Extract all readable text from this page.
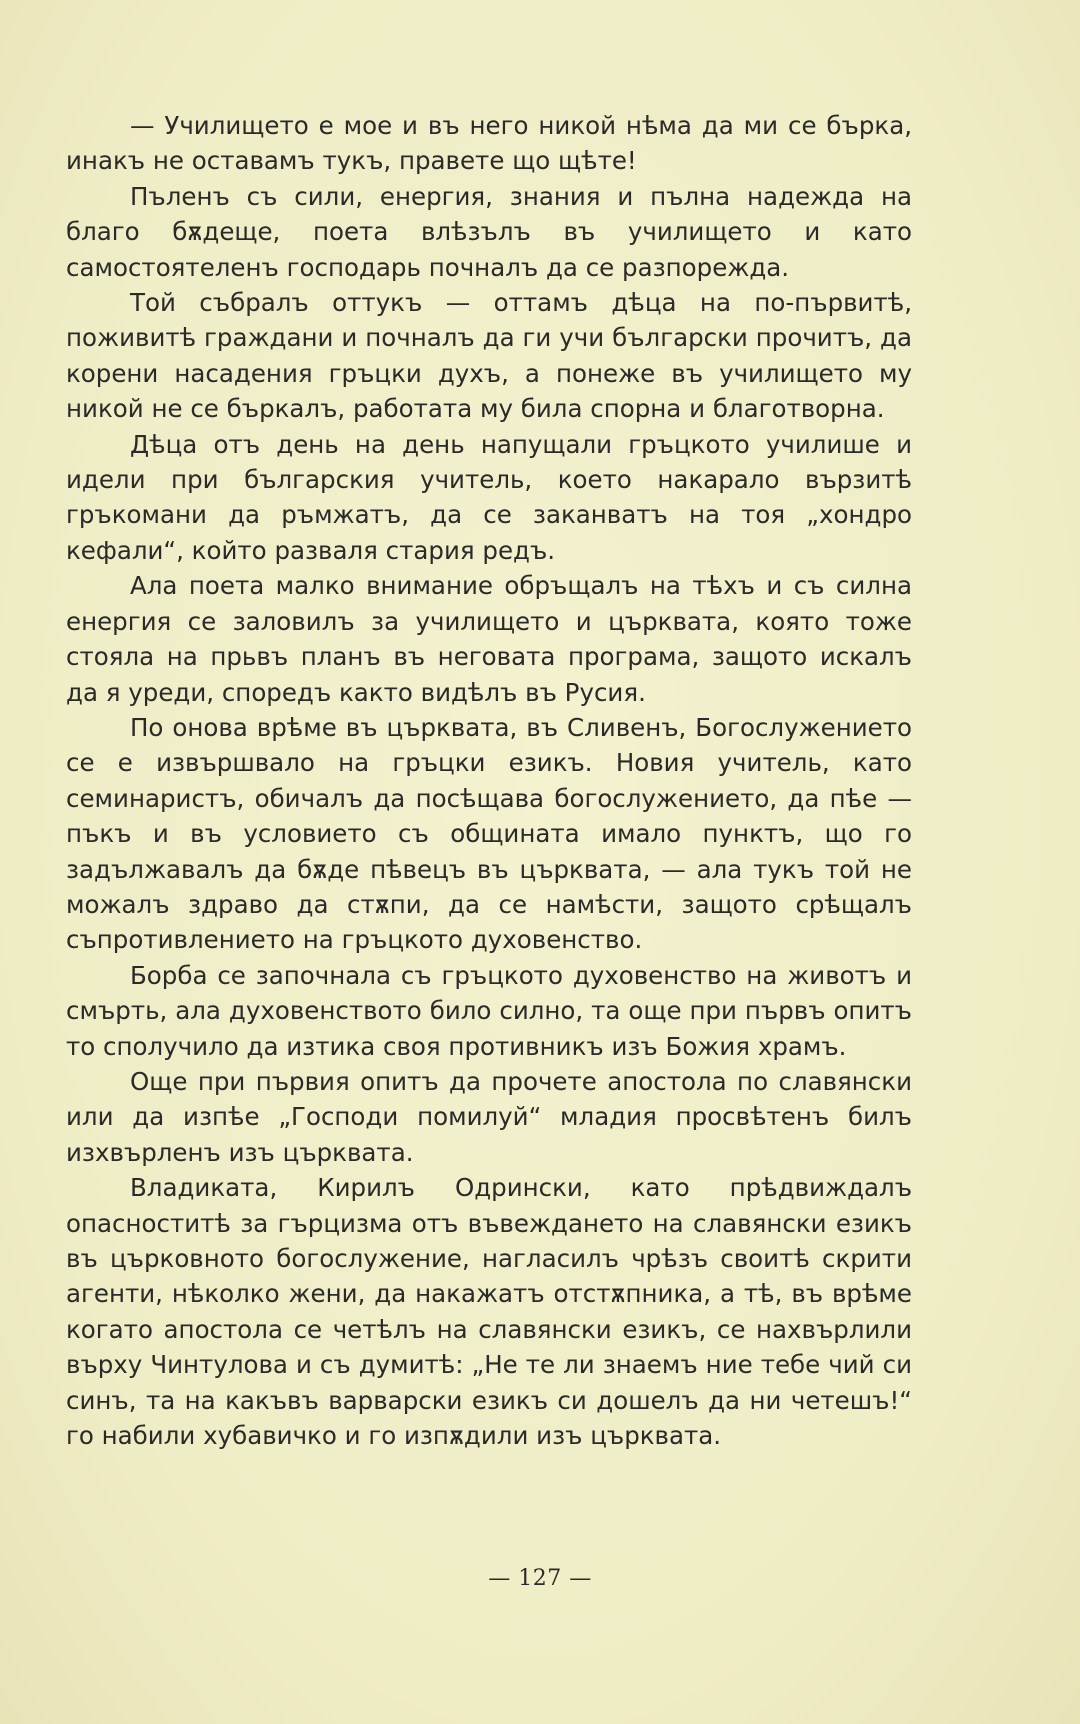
— Училището е мое и въ него никой нѣма да ми се бърка, инакъ не оставамъ тукъ, правете що щѣте!

Пъленъ съ сили, енергия, знания и пълна надежда на благо бѫдеще, поета влѣзълъ въ училището и като самостоятеленъ господарь почналъ да се разпорежда.

Той събралъ оттукъ — оттамъ дѣца на по-първитѣ, поживитѣ граждани и почналъ да ги учи български прочитъ, да корени насадения гръцки духъ, а понеже въ училището му никой не се бъркалъ, работата му била спорна и благотворна.

Дѣца отъ день на день напущали гръцкото училише и идели при българския учитель, което накарало вързитѣ гръкомани да ръмжатъ, да се заканватъ на тоя „хондро кефали“, който разваля стария редъ.

Ала поета малко внимание обръщалъ на тѣхъ и съ силна енергия се заловилъ за училището и църквата, която тоже стояла на прьвъ планъ въ неговата програма, защото искалъ да я уреди, споредъ както видѣлъ въ Русия.

По онова врѣме въ църквата, въ Сливенъ, Богослужението се е извършвало на гръцки езикъ. Новия учитель, като семинаристъ, обичалъ да посѣщава богослужението, да пѣе — пъкъ и въ условието съ общината имало пунктъ, що го задължавалъ да бѫде пѣвецъ въ църквата, — ала тукъ той не можалъ здраво да стѫпи, да се намѣсти, защото срѣщалъ съпротивлението на гръцкото духовенство.

Борба се започнала съ гръцкото духовенство на животъ и смърть, ала духовенството било силно, та още при първъ опитъ то сполучило да изтика своя противникъ изъ Божия храмъ.

Още при първия опитъ да прочете апостола по славянски или да изпѣе „Господи помилуй“ младия просвѣтенъ билъ изхвърленъ изъ църквата.

Владиката, Кирилъ Одрински, като прѣдвиждалъ опасноститѣ за гърцизма отъ въвеждането на славянски езикъ въ църковното богослужение, нагласилъ чрѣзъ своитѣ скрити агенти, нѣколко жени, да накажатъ отстѫпника, а тѣ, въ врѣме когато апостола се четѣлъ на славянски езикъ, се нахвърлили върху Чинтулова и съ думитѣ: „Не те ли знаемъ ние тебе чий си синъ, та на какъвъ варварски езикъ си дошелъ да ни четешъ!“ го набили хубавичко и го изпѫдили изъ църквата.

— 127 —
